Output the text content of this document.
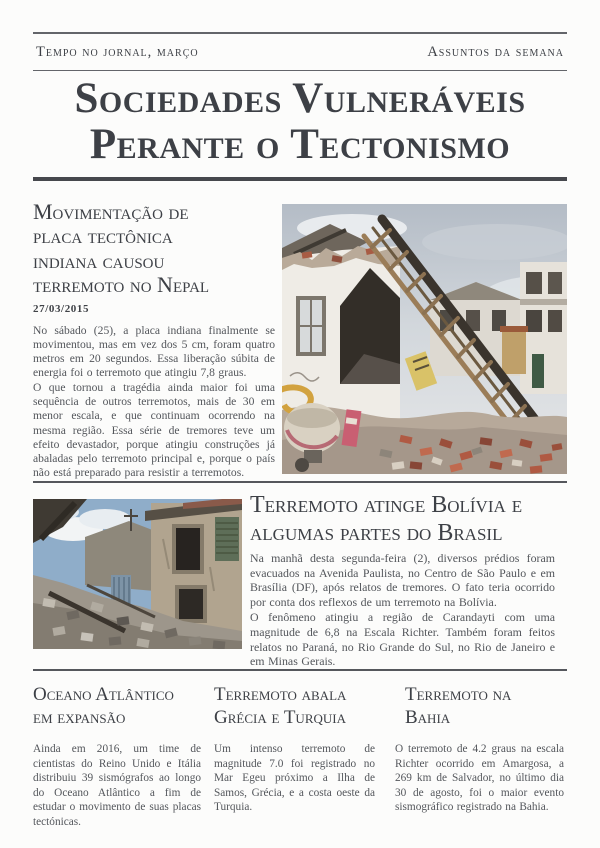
Tempo no jornal, março	Assuntos da semana
Sociedades Vulneráveis
Perante o Tectonismo
Movimentação de
placa tectônica
indiana causou
terremoto no Nepal
27/03/2015

No sábado (25), a placa indiana finalmente se movimentou, mas em vez dos 5 cm, foram quatro metros em 20 segundos. Essa liberação súbita de energia foi o terremoto que atingiu 7,8 graus.

O que tornou a tragédia ainda maior foi uma sequência de outros terremotos, mais de 30 em menor escala, e que continuam ocorrendo na mesma região. Essa série de tremores teve um efeito devastador, porque atingiu construções já abaladas pelo terremoto principal e, porque o país não está preparado para resistir a terremotos.

Terremoto atinge Bolívia e
algumas partes do Brasil

Na manhã desta segunda-feira (2), diversos prédios foram evacuados na Avenida Paulista, no Centro de São Paulo e em Brasília (DF), após relatos de tremores. O fato teria ocorrido por conta dos reflexos de um terremoto na Bolívia.

O fenômeno atingiu a região de Carandayti com uma magnitude de 6,8 na Escala Richter. Também foram feitos relatos no Paraná, no Rio Grande do Sul, no Rio de Janeiro e em Minas Gerais.

Oceano Atlântico
em expansão

Ainda em 2016, um time de cientistas do Reino Unido e Itália distribuiu 39 sismógrafos ao longo do Oceano Atlântico a fim de estudar o movimento de suas placas tectónicas.

Terremoto abala
Grécia e Turquia

Um intenso terremoto de magnitude 7.0 foi registrado no Mar Egeu próximo a Ilha de Samos, Grécia, e a costa oeste da Turquia.

Terremoto na
Bahia

O terremoto de 4.2 graus na escala Richter ocorrido em Amargosa, a 269 km de Salvador, no último dia 30 de agosto, foi o maior evento sismográfico registrado na Bahia.
